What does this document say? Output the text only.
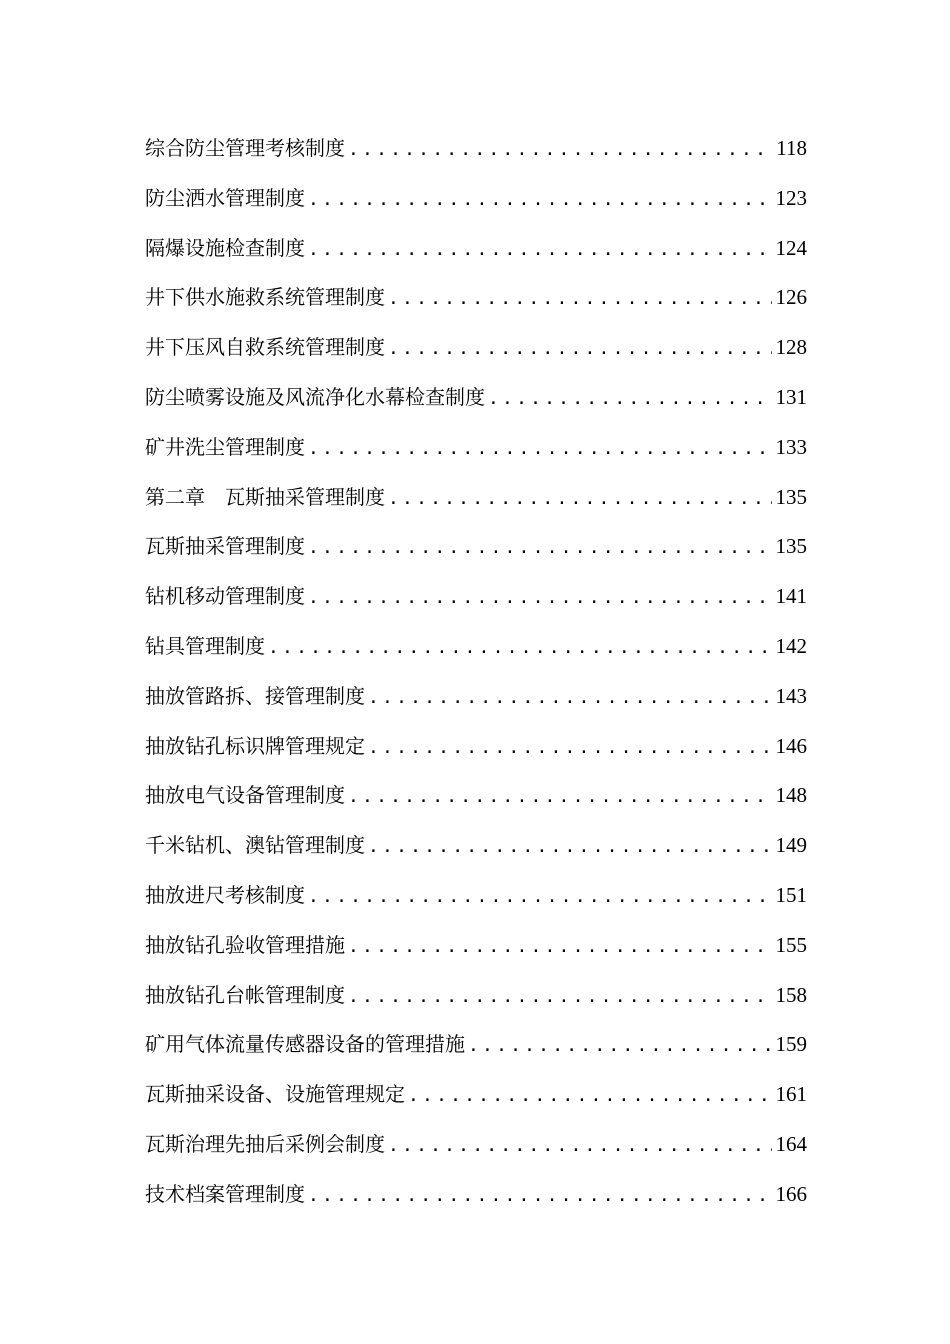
综合防尘管理考核制度 .....	118
防尘洒水管理制度 .....	123
隔爆设施检查制度 .....	124
井下供水施救系统管理制度 .....	126
井下压风自救系统管理制度 .....	128
防尘喷雾设施及风流净化水幕检查制度 .....	131
矿井洗尘管理制度 .....	133
第二章　瓦斯抽采管理制度 .....	135
瓦斯抽采管理制度 .....	135
钻机移动管理制度 .....	141
钻具管理制度 .....	142
抽放管路拆、接管理制度 .....	143
抽放钻孔标识牌管理规定 .....	146
抽放电气设备管理制度 .....	148
千米钻机、澳钻管理制度 .....	149
抽放进尺考核制度 .....	151
抽放钻孔验收管理措施 .....	155
抽放钻孔台帐管理制度 .....	158
矿用气体流量传感器设备的管理措施 .....	159
瓦斯抽采设备、设施管理规定 .....	161
瓦斯治理先抽后采例会制度 .....	164
技术档案管理制度 .....	166
